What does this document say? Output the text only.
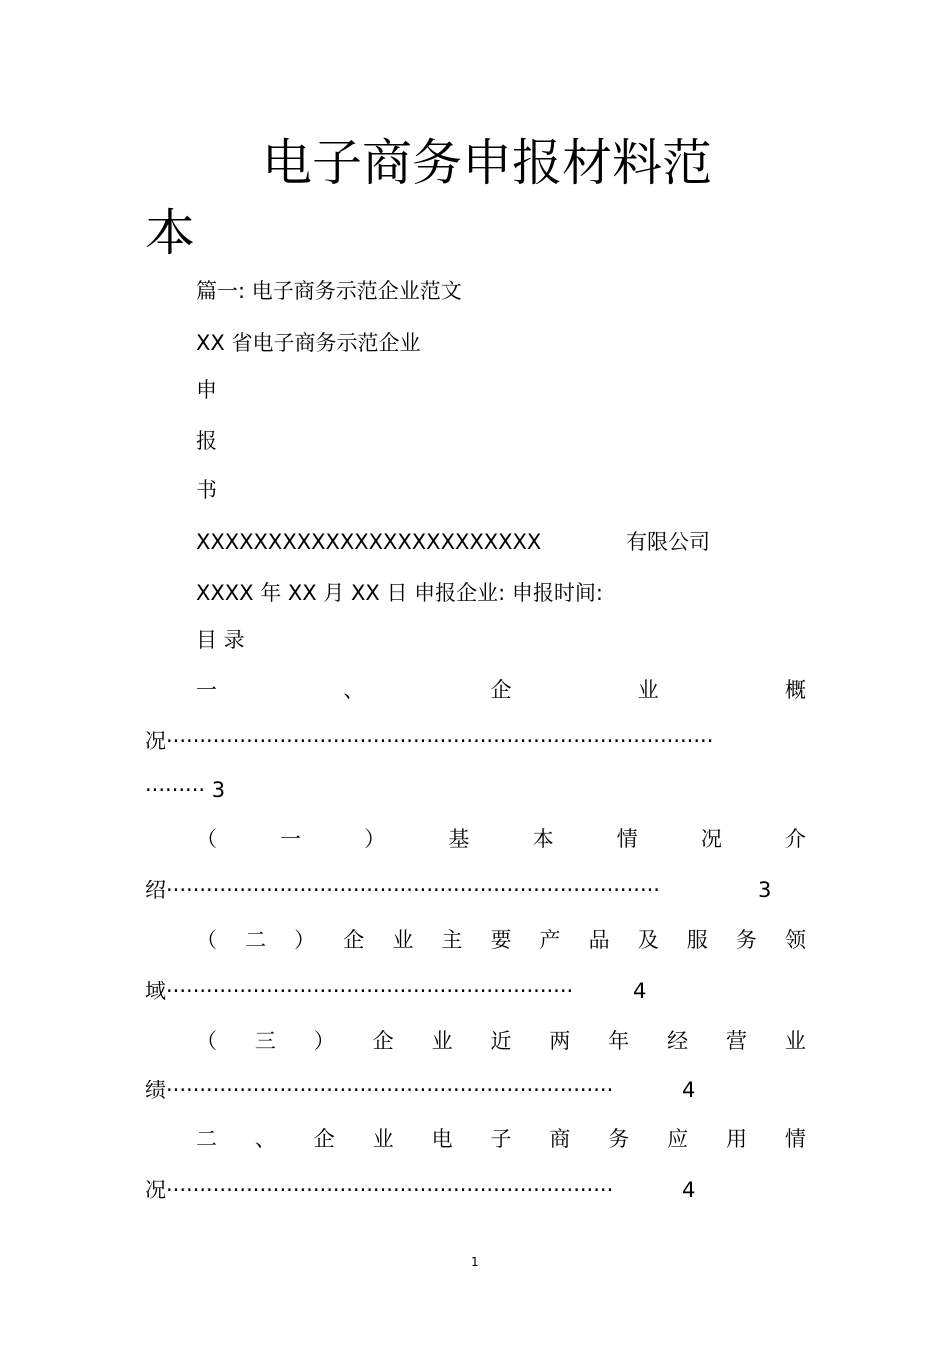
电子商务申报材料范
本
篇一: 电子商务示范企业范文
XX 省电子商务示范企业
申
报
书
XXXXXXXXXXXXXXXXXXXXXXXX	有限公司
XXXX 年 XX 月 XX 日 申报企业: 申报时间:
目 录
一	、	企	业	概
况··················································································
········· 3
（	一	）	基	本	情	况	介
绍··········································································	3
（ 二 ） 企 业 主 要 产 品 及 服 务 领
域·····························································	4
（ 三 ） 企 业 近 两 年 经 营 业
绩···································································	4
二 、 企 业 电 子 商 务 应 用 情
况···································································	4
1
